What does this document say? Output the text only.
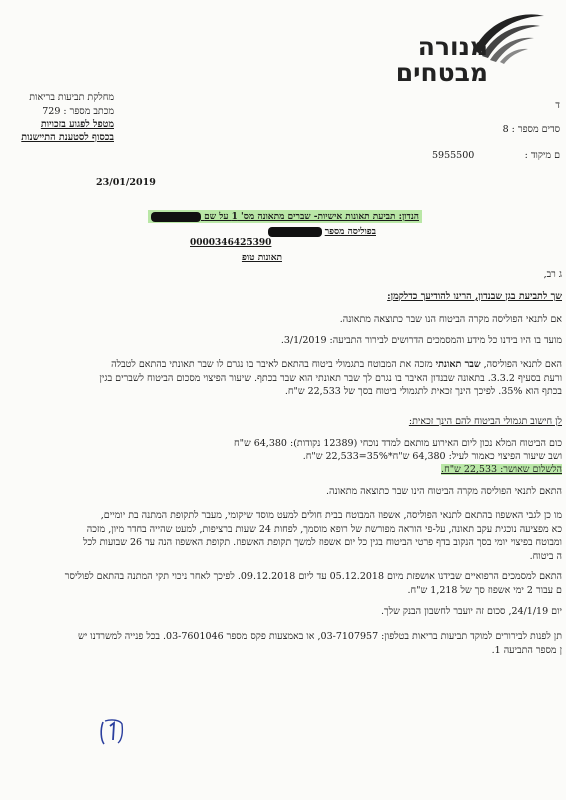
מנורה
מבטחים
מחלקת תביעות בריאות
מכתב מספר : 729
מטפל לפגוע בזכויות
בכסוף לסטענת התיישנות
ד
סדים מספר : 8
ם מיקוד :
5955500
23/01/2019
הנדון: תביעת תאונות אישיות- שברים מתאונה מס' 1 על שם
בפוליסה מספר
0000346425390
תאונות טופ
ג רב,
שך לתביעת בגן שבנדון, הרינו להודיעך כדלקמן:
אם לתנאי הפוליסה מקרה הביטוח הנו שבר כתוצאה מתאונה.
מועד בו היו בידנו כל מידע והמסמכים הדרושים לבירור התביעה: 3/1/2019.
האם לתנאי הפוליסה, שבר תאונתי מזכה את המבוטח בתגמולי ביטוח בהתאם לאיבר בו נגרם לו שבר תאונתי בהתאם לטבלה
ורעת בסעיף 3.3.2. בתאונה שבנדון האיבר בו נגרם לך שבר תאונתי הוא שבר בכתף. שיעור הפיצוי מסכום הביטוח לשברים בגין
בכתף הוא 35%. לפיכך הינך זכאית לתגמולי ביטוח בסך של 22,533 ש"ח.
לן חישוב תגמולי הביטוח להם הינך זכאית:
כום הביטוח המלא נכון ליום האירוע מותאם למדד נוכחי (12389 נקודות): 64,380 ש"ח
ושב שיעור הפיצוי כאמור לעיל: 64,380 ש"ח*35%=22,533 ש"ח.
הלשלום שאושר: 22,533 ש"ח.
התאם לתנאי הפוליסה מקרה הביטוח הינו שבר כתוצאה מתאונה.
מו כן לגבי האשפוז בהתאם לתנאי הפוליסה, אשפוז המבוטח בבית חולים למעט מוסד שיקומי, מעבר לתקופת המתנה בת יומיים,
כא מפציעה נוכגית עקב תאונה, על-פי הוראה מפורשת של רופא מוסמך, לפחות 24 שעות ברציפות, למעט שהייה בחדר מיון, מזכה
ומבוטח בפיצוי יומי בסך הנקוב בדף פרטי הביטוח בגין כל יום אשפוז למשך תקופת האשפוז. תקופת האשפוז הנה עד 26 שבועות לכל
ה ביטוח.
התאם למסמכים הרפואיים שבידנו אושפזת מיום 05.12.2018 עד ליום 09.12.2018. לפיכך לאחר ניכוי תקי המתנה בהתאם לפוליסר
ם עבור 2 ימי אשפוז סך של 1,218 ש"ח.
יום 24/1/19, סכום זה יועבר לחשבון הבנק שלך.
תן לפנות לבירורים למוקד תביעות בריאות בטלפון: 03-7107957, או באמצעות פקס מספר 03-7601046. בכל פנייה למשרדנו יש
ן מספר התביעה 1.
